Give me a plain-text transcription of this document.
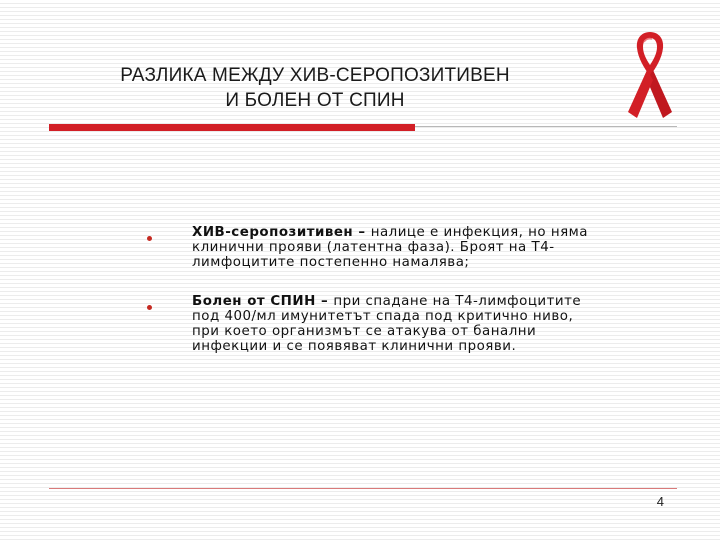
РАЗЛИКА МЕЖДУ ХИВ-СЕРОПОЗИТИВЕН
И БОЛЕН ОТ СПИН
ХИВ-серопозитивен – налице е инфекция, но няма
клинични прояви (латентна фаза). Броят на Т4-
лимфоцитите постепенно намалява;
Болен от СПИН – при спадане на Т4-лимфоцитите
под 400/мл имунитетът спада под критично ниво,
при което организмът се атакува от банални
инфекции и се появяват клинични прояви.
4
